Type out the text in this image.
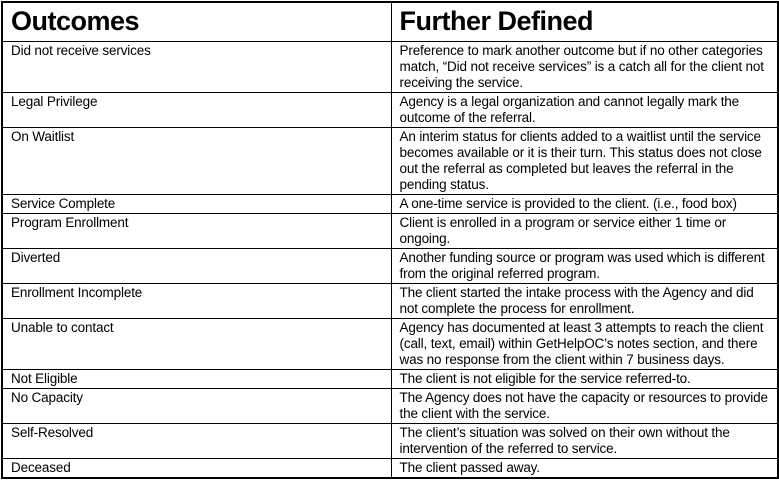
Outcomes	Further Defined
Did not receive services	Preference to mark another outcome but if no other categories match, “Did not receive services” is a catch all for the client not receiving the service.
Legal Privilege	Agency is a legal organization and cannot legally mark the outcome of the referral.
On Waitlist	An interim status for clients added to a waitlist until the service becomes available or it is their turn. This status does not close out the referral as completed but leaves the referral in the pending status.
Service Complete	A one-time service is provided to the client. (i.e., food box)
Program Enrollment	Client is enrolled in a program or service either 1 time or ongoing.
Diverted	Another funding source or program was used which is different from the original referred program.
Enrollment Incomplete	The client started the intake process with the Agency and did not complete the process for enrollment.
Unable to contact	Agency has documented at least 3 attempts to reach the client (call, text, email) within GetHelpOC’s notes section, and there was no response from the client within 7 business days.
Not Eligible	The client is not eligible for the service referred-to.
No Capacity	The Agency does not have the capacity or resources to provide the client with the service.
Self-Resolved	The client’s situation was solved on their own without the intervention of the referred to service.
Deceased	The client passed away.
